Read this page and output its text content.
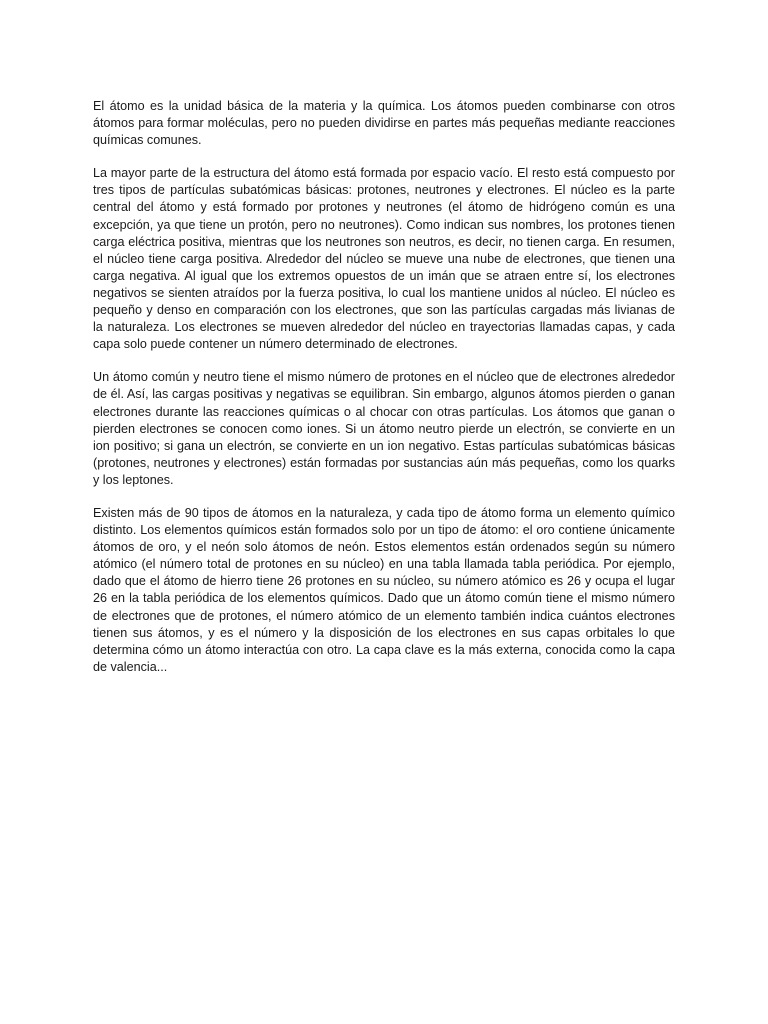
El átomo es la unidad básica de la materia y la química. Los átomos pueden combinarse con otros átomos para formar moléculas, pero no pueden dividirse en partes más pequeñas mediante reacciones químicas comunes.

La mayor parte de la estructura del átomo está formada por espacio vacío. El resto está compuesto por tres tipos de partículas subatómicas básicas: protones, neutrones y electrones. El núcleo es la parte central del átomo y está formado por protones y neutrones (el átomo de hidrógeno común es una excepción, ya que tiene un protón, pero no neutrones). Como indican sus nombres, los protones tienen carga eléctrica positiva, mientras que los neutrones son neutros, es decir, no tienen carga. En resumen, el núcleo tiene carga positiva. Alrededor del núcleo se mueve una nube de electrones, que tienen una carga negativa. Al igual que los extremos opuestos de un imán que se atraen entre sí, los electrones negativos se sienten atraídos por la fuerza positiva, lo cual los mantiene unidos al núcleo. El núcleo es pequeño y denso en comparación con los electrones, que son las partículas cargadas más livianas de la naturaleza. Los electrones se mueven alrededor del núcleo en trayectorias llamadas capas, y cada capa solo puede contener un número determinado de electrones.

Un átomo común y neutro tiene el mismo número de protones en el núcleo que de electrones alrededor de él. Así, las cargas positivas y negativas se equilibran. Sin embargo, algunos átomos pierden o ganan electrones durante las reacciones químicas o al chocar con otras partículas. Los átomos que ganan o pierden electrones se conocen como iones. Si un átomo neutro pierde un electrón, se convierte en un ion positivo; si gana un electrón, se convierte en un ion negativo. Estas partículas subatómicas básicas (protones, neutrones y electrones) están formadas por sustancias aún más pequeñas, como los quarks y los leptones.

Existen más de 90 tipos de átomos en la naturaleza, y cada tipo de átomo forma un elemento químico distinto. Los elementos químicos están formados solo por un tipo de átomo: el oro contiene únicamente átomos de oro, y el neón solo átomos de neón. Estos elementos están ordenados según su número atómico (el número total de protones en su núcleo) en una tabla llamada tabla periódica. Por ejemplo, dado que el átomo de hierro tiene 26 protones en su núcleo, su número atómico es 26 y ocupa el lugar 26 en la tabla periódica de los elementos químicos. Dado que un átomo común tiene el mismo número de electrones que de protones, el número atómico de un elemento también indica cuántos electrones tienen sus átomos, y es el número y la disposición de los electrones en sus capas orbitales lo que determina cómo un átomo interactúa con otro. La capa clave es la más externa, conocida como la capa de valencia...
